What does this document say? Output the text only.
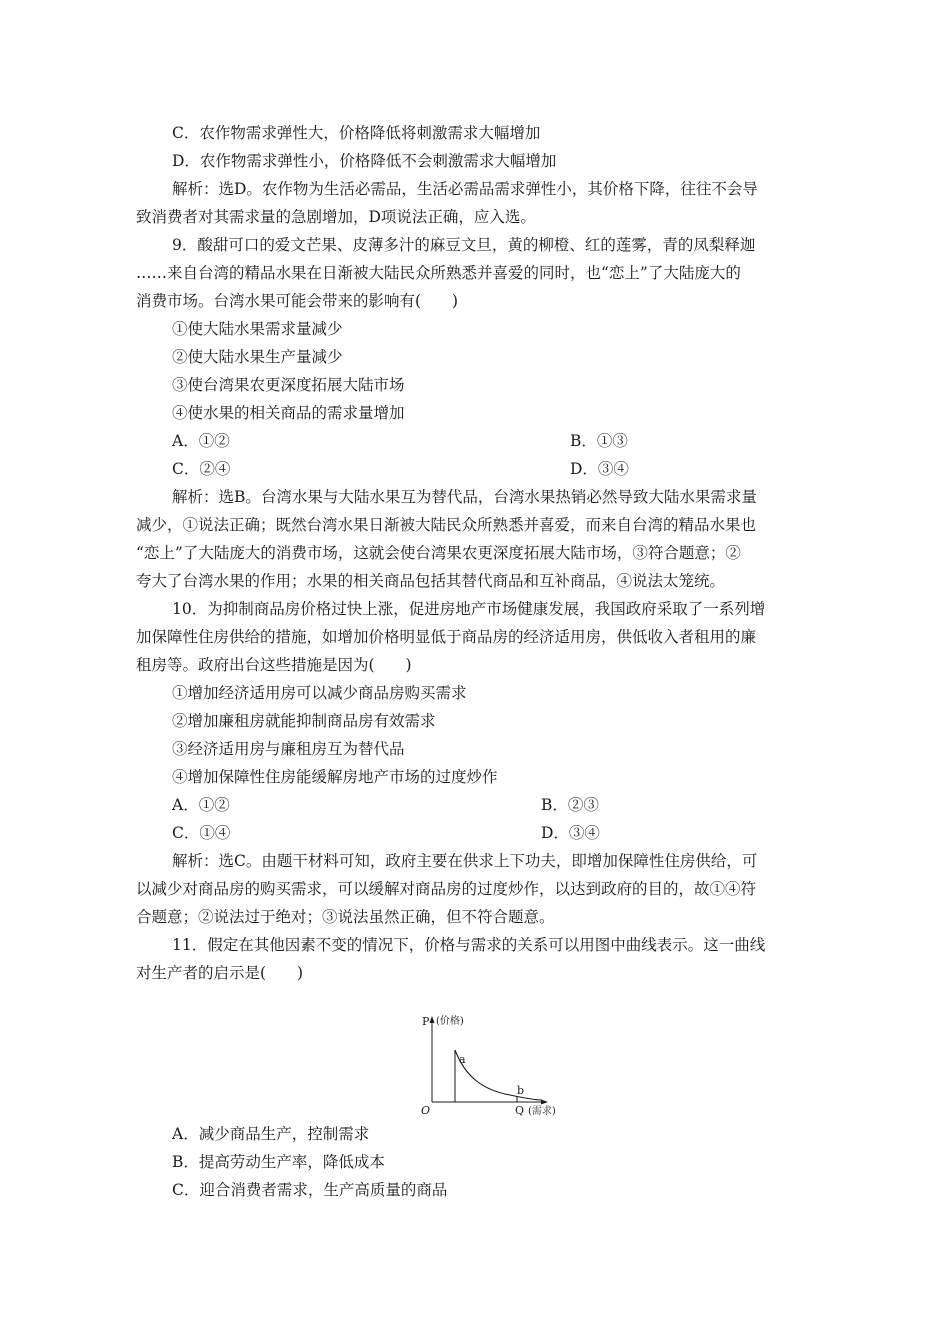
C．农作物需求弹性大，价格降低将刺激需求大幅增加
D．农作物需求弹性小，价格降低不会刺激需求大幅增加
解析：选D。农作物为生活必需品，生活必需品需求弹性小，其价格下降，往往不会导
致消费者对其需求量的急剧增加，D项说法正确，应入选。
9．酸甜可口的爱文芒果、皮薄多汁的麻豆文旦，黄的柳橙、红的莲雾，青的凤梨释迦
……来自台湾的精品水果在日渐被大陆民众所熟悉并喜爱的同时，也“恋上”了大陆庞大的
消费市场。台湾水果可能会带来的影响有(　　)
①使大陆水果需求量减少
②使大陆水果生产量减少
③使台湾果农更深度拓展大陆市场
④使水果的相关商品的需求量增加
A．①②	B．①③
C．②④	D．③④
解析：选B。台湾水果与大陆水果互为替代品，台湾水果热销必然导致大陆水果需求量
减少，①说法正确；既然台湾水果日渐被大陆民众所熟悉并喜爱，而来自台湾的精品水果也
“恋上”了大陆庞大的消费市场，这就会使台湾果农更深度拓展大陆市场，③符合题意；②
夸大了台湾水果的作用；水果的相关商品包括其替代商品和互补商品，④说法太笼统。
10．为抑制商品房价格过快上涨，促进房地产市场健康发展，我国政府采取了一系列增
加保障性住房供给的措施，如增加价格明显低于商品房的经济适用房，供低收入者租用的廉
租房等。政府出台这些措施是因为(　　)
①增加经济适用房可以减少商品房购买需求
②增加廉租房就能抑制商品房有效需求
③经济适用房与廉租房互为替代品
④增加保障性住房能缓解房地产市场的过度炒作
A．①②	B．②③
C．①④	D．③④
解析：选C。由题干材料可知，政府主要在供求上下功夫，即增加保障性住房供给，可
以减少对商品房的购买需求，可以缓解对商品房的过度炒作，以达到政府的目的，故①④符
合题意；②说法过于绝对；③说法虽然正确，但不符合题意。
11．假定在其他因素不变的情况下，价格与需求的关系可以用图中曲线表示。这一曲线
对生产者的启示是(　　)
P (价格)
a
b
O	Q (需求)
A．减少商品生产，控制需求
B．提高劳动生产率，降低成本
C．迎合消费者需求，生产高质量的商品
